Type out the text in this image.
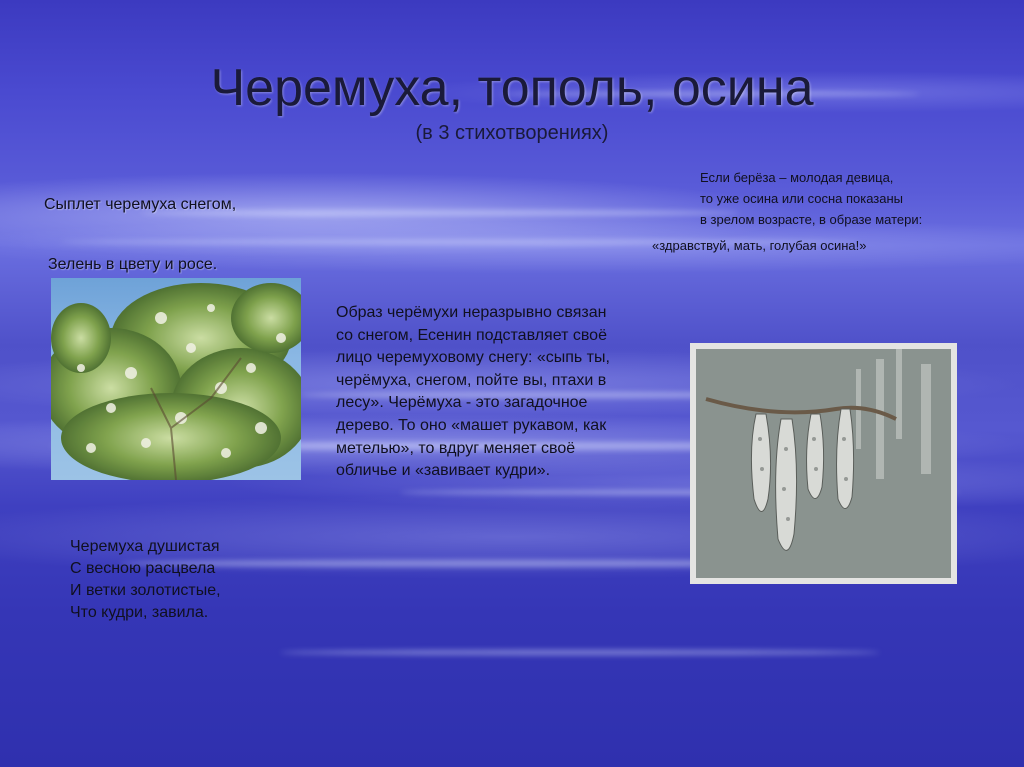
Черемуха, тополь, осина
(в 3 стихотворениях)
Сыплет черемуха снегом,
Зелень в цвету и росе.
Образ черёмухи неразрывно связан со снегом, Есенин подставляет своё лицо черемуховому снегу: «сыпь ты, черёмуха, снегом, пойте вы, птахи в лесу». Черёмуха - это загадочное дерево. То оно «машет рукавом, как метелью», то вдруг меняет своё обличье и «завивает кудри».
Если берёза – молодая девица,
то уже осина или сосна показаны
в зрелом возрасте, в образе матери:
«здравствуй, мать, голубая осина!»
Черемуха душистая
С весною расцвела
И ветки золотистые,
Что кудри, завила.
